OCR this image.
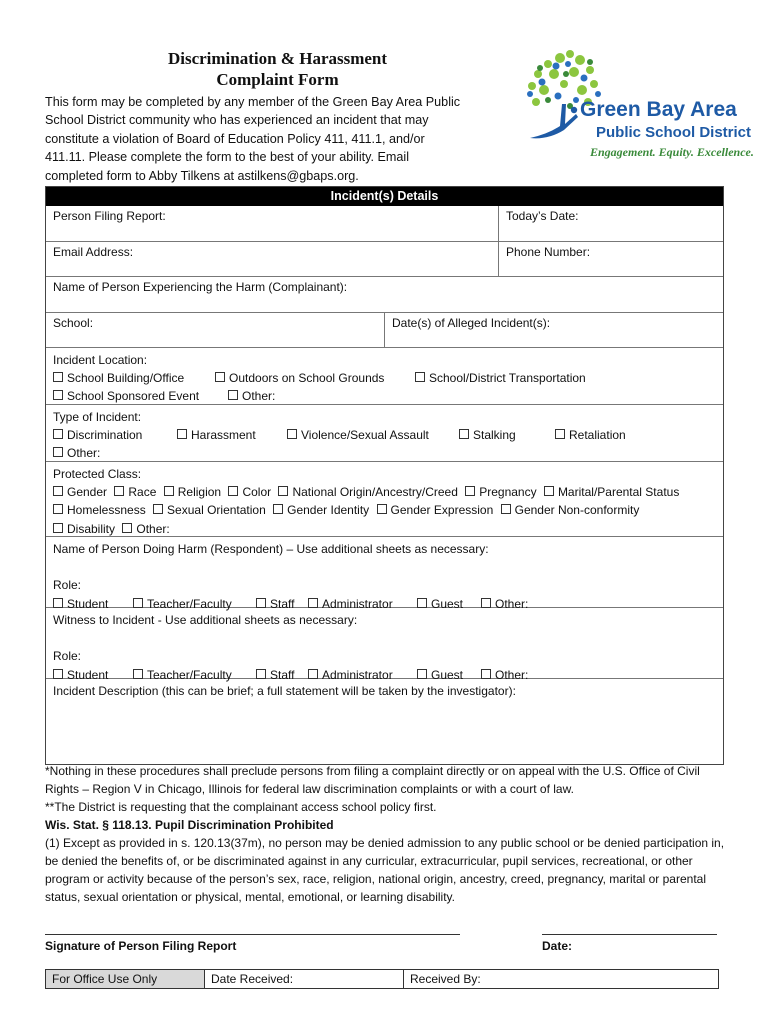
Discrimination & Harassment
Complaint Form
This form may be completed by any member of the Green Bay Area Public
School District community who has experienced an incident that may
constitute a violation of Board of Education Policy 411, 411.1, and/or
411.11. Please complete the form to the best of your ability. Email
completed form to Abby Tilkens at astilkens@gbaps.org.
Green Bay Area
Public School District
Engagement. Equity. Excellence.
Incident(s) Details
Person Filing Report:	Today’s Date:
Email Address:	Phone Number:
Name of Person Experiencing the Harm (Complainant):
School:	Date(s) of Alleged Incident(s):
Incident Location:
School Building/Office	Outdoors on School Grounds	School/District Transportation
School Sponsored Event	Other:
Type of Incident:
Discrimination	Harassment	Violence/Sexual Assault	Stalking	Retaliation
Other:
Protected Class:
Gender Race Religion Color National Origin/Ancestry/Creed Pregnancy Marital/Parental Status
Homelessness Sexual Orientation Gender Identity Gender Expression Gender Non-conformity
Disability Other:
Name of Person Doing Harm (Respondent) – Use additional sheets as necessary:
Role:
Student	Teacher/Faculty	Staff	Administrator	Guest	Other:
Witness to Incident - Use additional sheets as necessary:
Role:
Student	Teacher/Faculty	Staff	Administrator	Guest	Other:
Incident Description (this can be brief; a full statement will be taken by the investigator):

*Nothing in these procedures shall preclude persons from filing a complaint directly or on appeal with the U.S. Office of Civil Rights – Region V in Chicago, Illinois for federal law discrimination complaints or with a court of law.

**The District is requesting that the complainant access school policy first.

Wis. Stat. § 118.13. Pupil Discrimination Prohibited

(1) Except as provided in s. 120.13(37m), no person may be denied admission to any public school or be denied participation in, be denied the benefits of, or be discriminated against in any curricular, extracurricular, pupil services, recreational, or other program or activity because of the person’s sex, race, religion, national origin, ancestry, creed, pregnancy, marital or parental status, sexual orientation or physical, mental, emotional, or learning disability.

Signature of Person Filing Report	Date:
For Office Use Only	Date Received:	Received By:
